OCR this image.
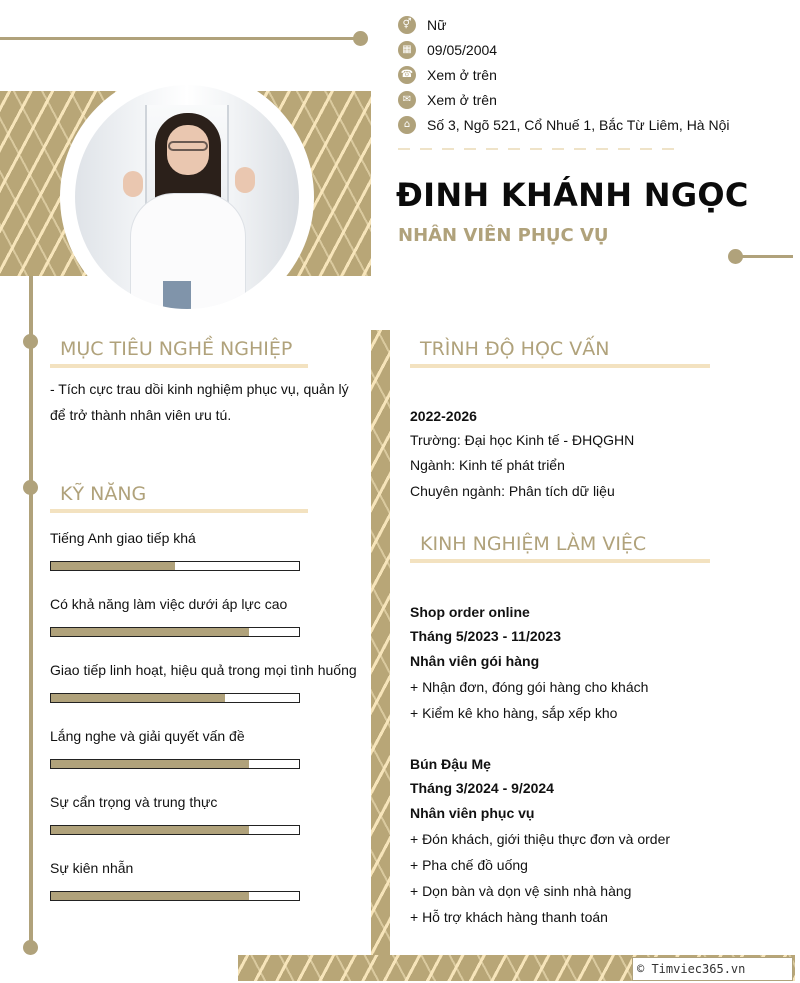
⚥	Nữ
▦	09/05/2004
☎ Xem ở trên
✉	Xem ở trên
⌂	Số 3, Ngõ 521, Cổ Nhuế 1, Bắc Từ Liêm, Hà Nội
ĐINH KHÁNH NGỌC
NHÂN VIÊN PHỤC VỤ
© Timviec365.vn
MỤC TIÊU NGHỀ NGHIỆP
- Tích cực trau dồi kinh nghiệm phục vụ, quản lý
để trở thành nhân viên ưu tú.
KỸ NĂNG
Tiếng Anh giao tiếp khá
Có khả năng làm việc dưới áp lực cao
Giao tiếp linh hoạt, hiệu quả trong mọi tình huống
Lắng nghe và giải quyết vấn đề
Sự cẩn trọng và trung thực
Sự kiên nhẫn
TRÌNH ĐỘ HỌC VẤN
2022-2026
Trường: Đại học Kinh tế - ĐHQGHN
Ngành: Kinh tế phát triển
Chuyên ngành: Phân tích dữ liệu
KINH NGHIỆM LÀM VIỆC
Shop order online
Tháng 5/2023 - 11/2023
Nhân viên gói hàng
+ Nhận đơn, đóng gói hàng cho khách
+ Kiểm kê kho hàng, sắp xếp kho
Bún Đậu Mẹ
Tháng 3/2024 - 9/2024
Nhân viên phục vụ
+ Đón khách, giới thiệu thực đơn và order
+ Pha chế đồ uống
+ Dọn bàn và dọn vệ sinh nhà hàng
+ Hỗ trợ khách hàng thanh toán
